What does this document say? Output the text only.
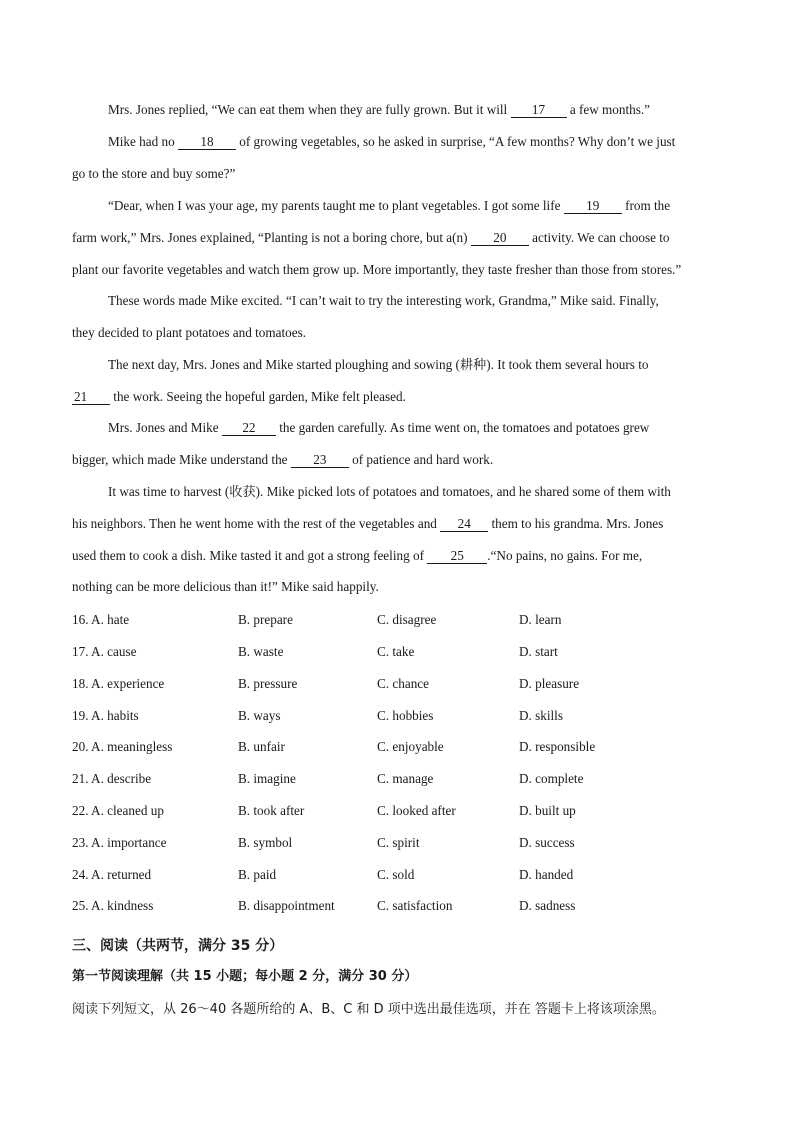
Mrs. Jones replied, “We can eat them when they are fully grown. But it will 17 a few months.”
Mike had no 18 of growing vegetables, so he asked in surprise, “A few months? Why don’t we just
go to the store and buy some?”
“Dear, when I was your age, my parents taught me to plant vegetables. I got some life 19 from the
farm work,” Mrs. Jones explained, “Planting is not a boring chore, but a(n) 20 activity. We can choose to
plant our favorite vegetables and watch them grow up. More importantly, they taste fresher than those from stores.”
These words made Mike excited. “I can’t wait to try the interesting work, Grandma,” Mike said. Finally,
they decided to plant potatoes and tomatoes.
The next day, Mrs. Jones and Mike started ploughing and sowing (耕种). It took them several hours to
21 the work. Seeing the hopeful garden, Mike felt pleased.
Mrs. Jones and Mike 22 the garden carefully. As time went on, the tomatoes and potatoes grew
bigger, which made Mike understand the 23 of patience and hard work.
It was time to harvest (收获). Mike picked lots of potatoes and tomatoes, and he shared some of them with
his neighbors. Then he went home with the rest of the vegetables and 24 them to his grandma. Mrs. Jones
used them to cook a dish. Mike tasted it and got a strong feeling of 25 .“No pains, no gains. For me,
nothing can be more delicious than it!” Mike said happily.
16. A. hate	B. prepare	C. disagree	D. learn
17. A. cause	B. waste	C. take	D. start
18. A. experience	B. pressure	C. chance	D. pleasure
19. A. habits	B. ways	C. hobbies	D. skills
20. A. meaningless	B. unfair	C. enjoyable	D. responsible
21. A. describe	B. imagine	C. manage	D. complete
22. A. cleaned up	B. took after	C. looked after	D. built up
23. A. importance	B. symbol	C. spirit	D. success
24. A. returned	B. paid	C. sold	D. handed
25. A. kindness	B. disappointment	C. satisfaction	D. sadness
三、阅读（共两节，满分 35 分）
第一节阅读理解（共 15 小题；每小题 2 分，满分 30 分）
阅读下列短文，从 26～40 各题所给的 A、B、C 和 D 项中选出最佳选项，并在 答题卡上将该项涂黑。
